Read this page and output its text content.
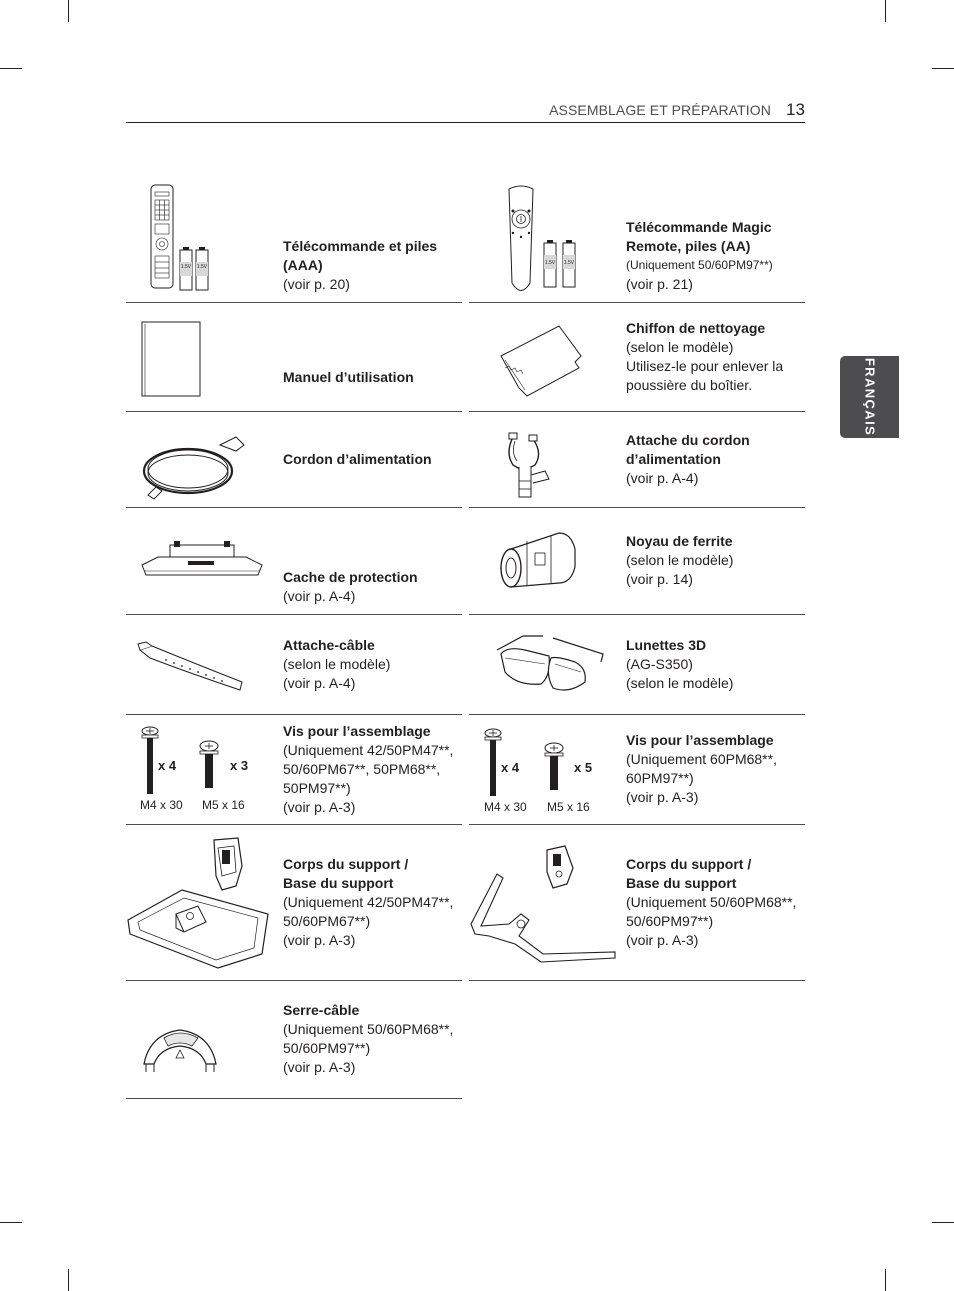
ASSEMBLAGE ET PRÉPARATION 13
FRANÇAIS
1.5V 1.5V
Télécommande et piles
(AAA)
(voir p. 20)
1.5V 1.5V
Télécommande Magic
Remote, piles (AA)
(Uniquement 50/60PM97**)
(voir p. 21)
Manuel d’utilisation
Chiffon de nettoyage
(selon le modèle)
Utilisez-le pour enlever la
poussière du boîtier.
Cordon d’alimentation
Attache du cordon
d’alimentation
(voir p. A-4)
Cache de protection
(voir p. A-4)
Noyau de ferrite
(selon le modèle)
(voir p. 14)
Attache-câble
(selon le modèle)
(voir p. A-4)
Lunettes 3D
(AG-S350)
(selon le modèle)
x 4	x 3
M4 x 30 M5 x 16
Vis pour l’assemblage
(Uniquement 42/50PM47**,
50/60PM67**, 50PM68**,
50PM97**)
(voir p. A-3)
x 4	x 5
M4 x 30 M5 x 16
Vis pour l’assemblage
(Uniquement 60PM68**,
60PM97**)
(voir p. A-3)
Corps du support /
Base du support
(Uniquement 42/50PM47**,
50/60PM67**)
(voir p. A-3)
Corps du support /
Base du support
(Uniquement 50/60PM68**,
50/60PM97**)
(voir p. A-3)
Serre-câble
(Uniquement 50/60PM68**,
50/60PM97**)
(voir p. A-3)
